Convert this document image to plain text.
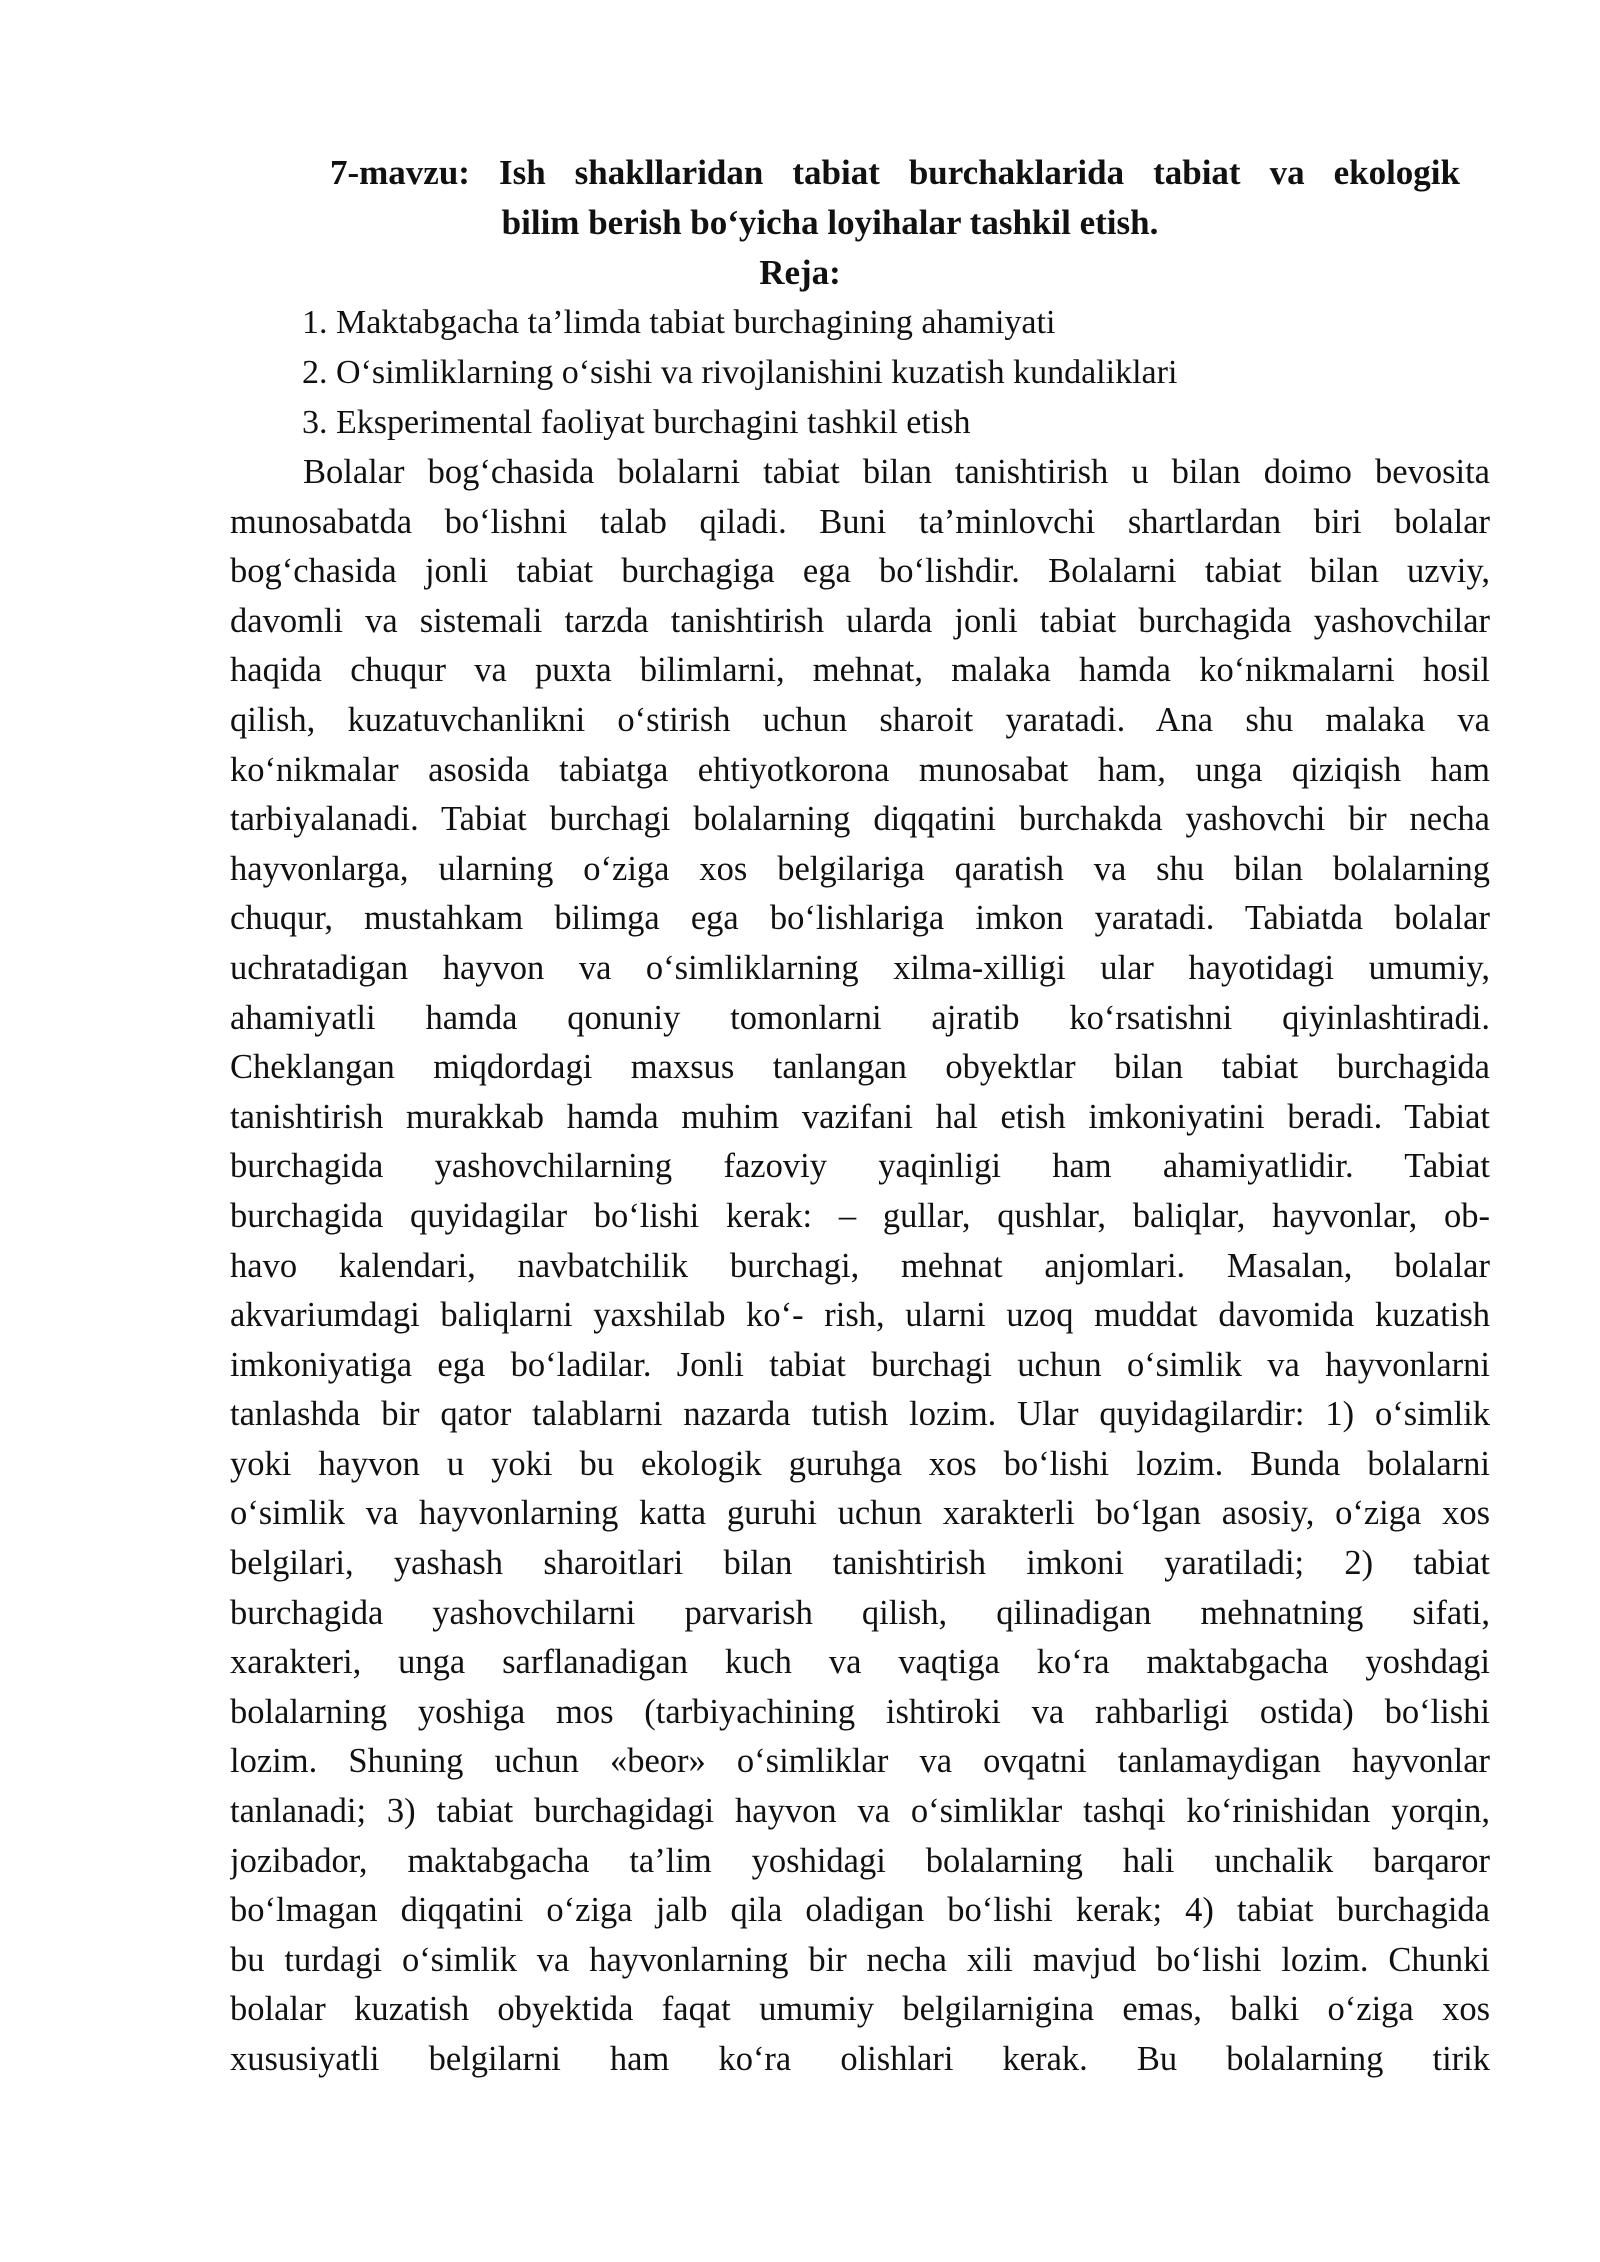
7-mavzu: Ish shakllaridan tabiat burchaklarida tabiat va ekologik
bilim berish bo‘yicha loyihalar tashkil etish.
Reja:
1. Maktabgacha ta’limda tabiat burchagining ahamiyati
2. O‘simliklarning o‘sishi va rivojlanishini kuzatish kundaliklari
3. Eksperimental faoliyat burchagini tashkil etish
Bolalar bog‘chasida bolalarni tabiat bilan tanishtirish u bilan doimo bevosita
munosabatda bo‘lishni talab qiladi. Buni ta’minlovchi shartlardan biri bolalar
bog‘chasida jonli tabiat burchagiga ega bo‘lishdir. Bolalarni tabiat bilan uzviy,
davomli va sistemali tarzda tanishtirish ularda jonli tabiat burchagida yashovchilar
haqida chuqur va puxta bilimlarni, mehnat, malaka hamda ko‘nikmalarni hosil
qilish, kuzatuvchanlikni o‘stirish uchun sharoit yaratadi. Ana shu malaka va
ko‘nikmalar asosida tabiatga ehtiyotkorona munosabat ham, unga qiziqish ham
tarbiyalanadi. Tabiat burchagi bolalarning diqqatini burchakda yashovchi bir necha
hayvonlarga, ularning o‘ziga xos belgilariga qaratish va shu bilan bolalarning
chuqur, mustahkam bilimga ega bo‘lishlariga imkon yaratadi. Tabiatda bolalar
uchratadigan hayvon va o‘simliklarning xilma-xilligi ular hayotidagi umumiy,
ahamiyatli hamda qonuniy tomonlarni ajratib ko‘rsatishni qiyinlashtiradi.
Cheklangan miqdordagi maxsus tanlangan obyektlar bilan tabiat burchagida
tanishtirish murakkab hamda muhim vazifani hal etish imkoniyatini beradi. Tabiat
burchagida yashovchilarning fazoviy yaqinligi ham ahamiyatlidir. Tabiat
burchagida quyidagilar bo‘lishi kerak: – gullar, qushlar, baliqlar, hayvonlar, ob-
havo kalendari, navbatchilik burchagi, mehnat anjomlari. Masalan, bolalar
akvariumdagi baliqlarni yaxshilab ko‘- rish, ularni uzoq muddat davomida kuzatish
imkoniyatiga ega bo‘ladilar. Jonli tabiat burchagi uchun o‘simlik va hayvonlarni
tanlashda bir qator talablarni nazarda tutish lozim. Ular quyidagilardir: 1) o‘simlik
yoki hayvon u yoki bu ekologik guruhga xos bo‘lishi lozim. Bunda bolalarni
o‘simlik va hayvonlarning katta guruhi uchun xarakterli bo‘lgan asosiy, o‘ziga xos
belgilari, yashash sharoitlari bilan tanishtirish imkoni yaratiladi; 2) tabiat
burchagida yashovchilarni parvarish qilish, qilinadigan mehnatning sifati,
xarakteri, unga sarflanadigan kuch va vaqtiga ko‘ra maktabgacha yoshdagi
bolalarning yoshiga mos (tarbiyachining ishtiroki va rahbarligi ostida) bo‘lishi
lozim. Shuning uchun «beor» o‘simliklar va ovqatni tanlamaydigan hayvonlar
tanlanadi; 3) tabiat burchagidagi hayvon va o‘simliklar tashqi ko‘rinishidan yorqin,
jozibador, maktabgacha ta’lim yoshidagi bolalarning hali unchalik barqaror
bo‘lmagan diqqatini o‘ziga jalb qila oladigan bo‘lishi kerak; 4) tabiat burchagida
bu turdagi o‘simlik va hayvonlarning bir necha xili mavjud bo‘lishi lozim. Chunki
bolalar kuzatish obyektida faqat umumiy belgilarnigina emas, balki o‘ziga xos
xususiyatli belgilarni ham ko‘ra olishlari kerak. Bu bolalarning tirik
